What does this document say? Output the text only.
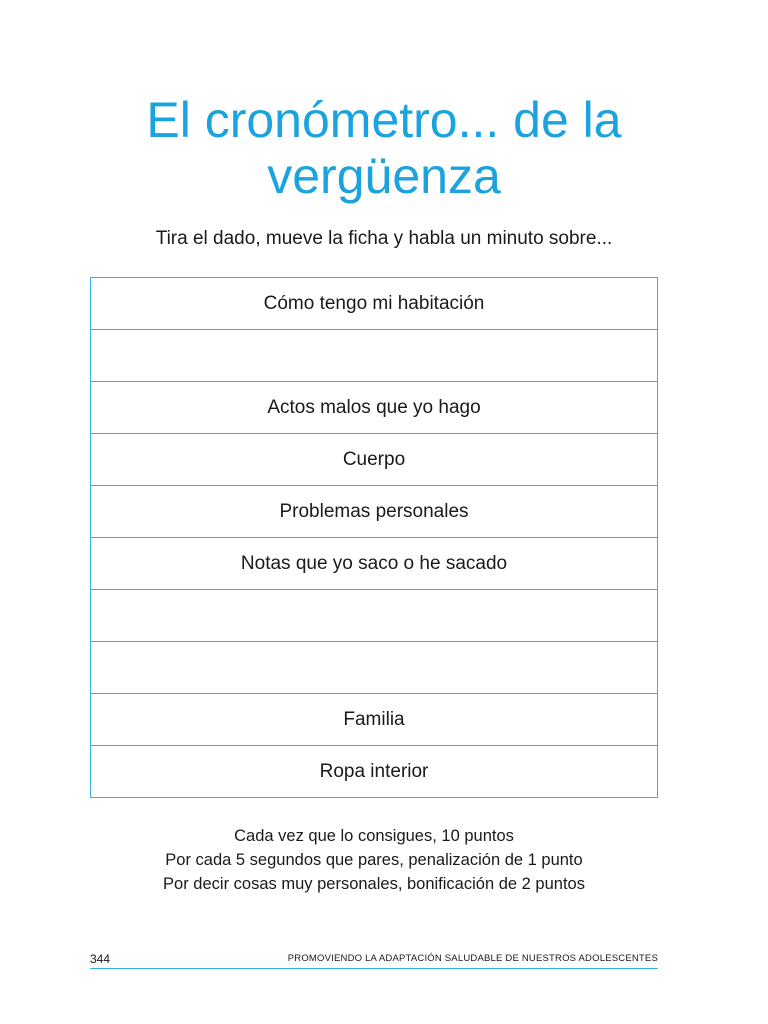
El cronómetro... de la
vergüenza

Tira el dado, mueve la ficha y habla un minuto sobre...

Cómo tengo mi habitación

Actos malos que yo hago
Cuerpo
Problemas personales
Notas que yo saco o he sacado

Familia
Ropa interior
Cada vez que lo consigues, 10 puntos
Por cada 5 segundos que pares, penalización de 1 punto
Por decir cosas muy personales, bonificación de 2 puntos
344	PROMOVIENDO LA ADAPTACIÓN SALUDABLE DE NUESTROS ADOLESCENTES
